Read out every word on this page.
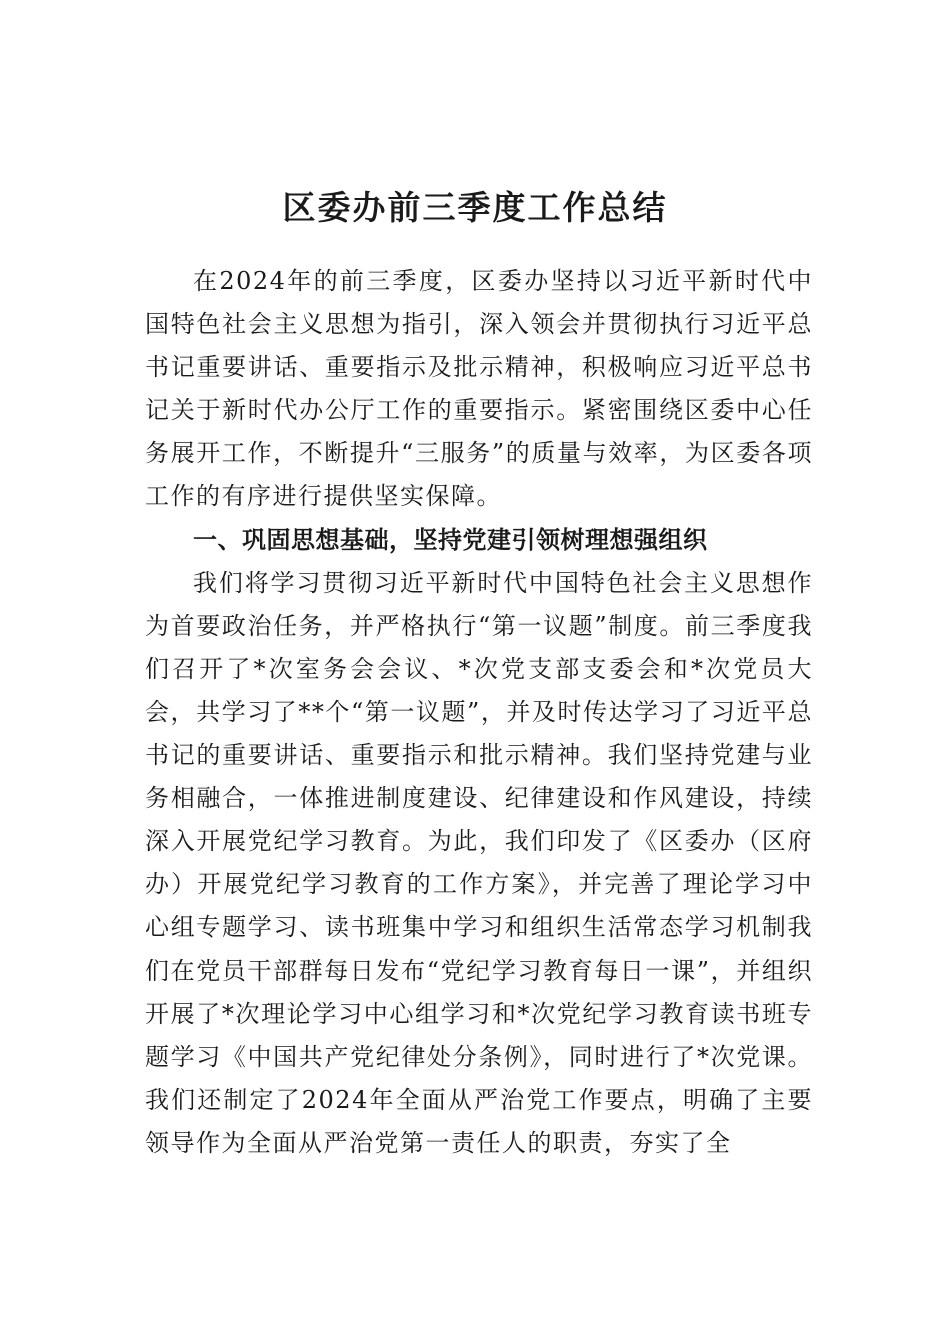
区委办前三季度工作总结

在2024年的前三季度，区委办坚持以习近平新时代中国特色社会主义思想为指引，深入领会并贯彻执行习近平总书记重要讲话、重要指示及批示精神，积极响应习近平总书记关于新时代办公厅工作的重要指示。紧密围绕区委中心任务展开工作，不断提升“三服务”的质量与效率，为区委各项工作的有序进行提供坚实保障。

一、巩固思想基础，坚持党建引领树理想强组织

我们将学习贯彻习近平新时代中国特色社会主义思想作为首要政治任务，并严格执行“第一议题”制度。前三季度我们召开了*次室务会会议、*次党支部支委会和*次党员大会，共学习了**个“第一议题”，并及时传达学习了习近平总书记的重要讲话、重要指示和批示精神。我们坚持党建与业务相融合，一体推进制度建设、纪律建设和作风建设，持续深入开展党纪学习教育。为此，我们印发了《区委办（区府办）开展党纪学习教育的工作方案》，并完善了理论学习中心组专题学习、读书班集中学习和组织生活常态学习机制我们在党员干部群每日发布“党纪学习教育每日一课”，并组织开展了*次理论学习中心组学习和*次党纪学习教育读书班专题学习《中国共产党纪律处分条例》，同时进行了*次党课。我们还制定了2024年全面从严治党工作要点，明确了主要领导作为全面从严治党第一责任人的职责，夯实了全
